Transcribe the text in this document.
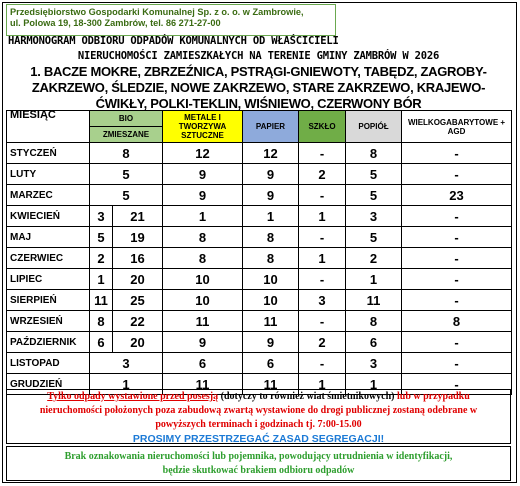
Przedsiębiorstwo Gospodarki Komunalnej Sp. z o. o. w Zambrowie,
ul. Polowa 19, 18-300 Zambrów, tel. 86 271-27-00
HARMONOGRAM ODBIORU ODPADÓW KOMUNALNYCH OD WŁAŚCICIELI
NIERUCHOMOŚCI ZAMIESZKAŁYCH NA TERENIE GMINY ZAMBRÓW W 2026
1. BACZE MOKRE, ZBRZEŹNICA, PSTRĄGI-GNIEWOTY, TABĘDZ, ZAGROBY-
ZAKRZEWO, ŚLEDZIE, NOWE ZAKRZEWO, STARE ZAKRZEWO, KRAJEWO-
ĆWIKŁY, POLKI-TEKLIN, WIŚNIEWO, CZERWONY BÓR
MIESIĄC	BIO		METALE I TWORZYWA SZTUCZNE	PAPIER	SZKŁO	POPIÓŁ	WIELKOGABARYTOWE + AGD
	ZMIESZANE						
STYCZEŃ	8		12	12	-	8	-
LUTY	5		9	9	2	5	-
MARZEC	5		9	9	-	5	23
KWIECIEŃ	3	21	1	1	1	3	-
MAJ	5	19	8	8	-	5	-
CZERWIEC	2	16	8	8	1	2	-
LIPIEC	1	20	10	10	-	1	-
SIERPIEŃ	11	25	10	10	3	11	-
WRZESIEŃ	8	22	11	11	-	8	8
PAŹDZIERNIK	6	20	9	9	2	6	-
LISTOPAD	3		6	6	-	3	-
GRUDZIEŃ	1		11	11	1	1	-
Tylko odpady wystawione przed posesją (dotyczy to również wiat śmietnikowych) lub w przypadku nieruchomości położonych poza zabudową zwartą wystawione do drogi publicznej zostaną odebrane w powyższych terminach i godzinach tj. 7:00-15.00
PROSIMY PRZESTRZEGAĆ ZASAD SEGREGACJI!
Brak oznakowania nieruchomości lub pojemnika, powodujący utrudnienia w identyfikacji,
będzie skutkować brakiem odbioru odpadów
